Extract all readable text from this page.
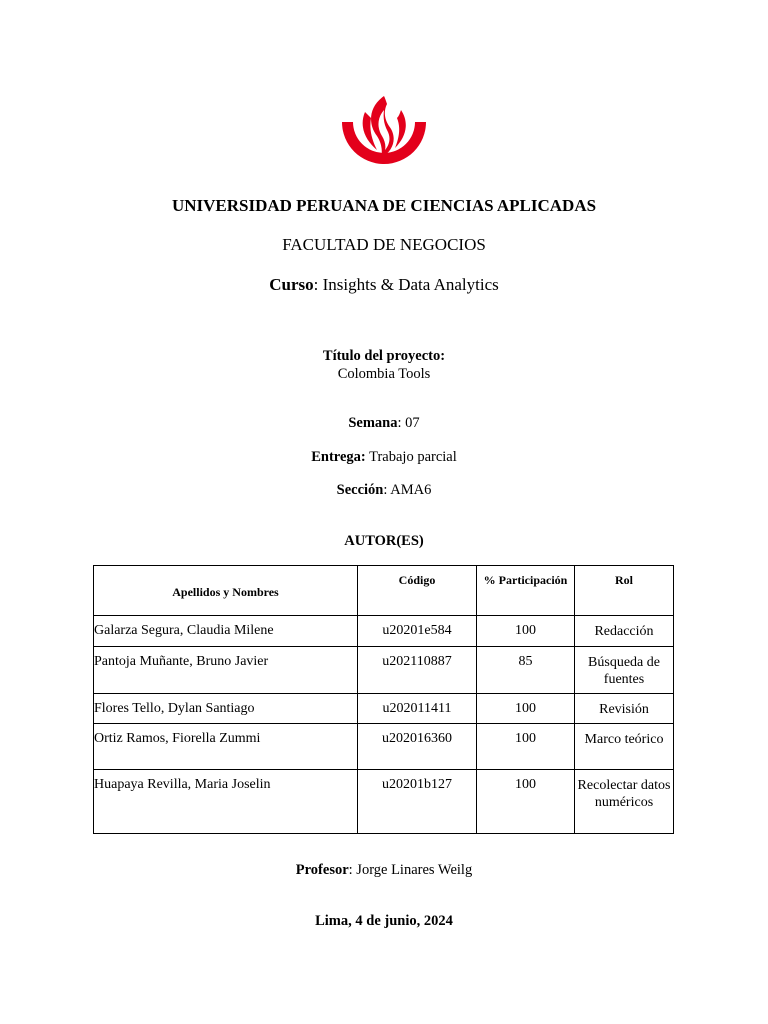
UNIVERSIDAD PERUANA DE CIENCIAS APLICADAS
FACULTAD DE NEGOCIOS
Curso: Insights & Data Analytics
Título del proyecto:
Colombia Tools
Semana: 07
Entrega: Trabajo parcial
Sección: AMA6
AUTOR(ES)
Apellidos y Nombres	Código	% Participación	Rol
Galarza Segura, Claudia Milene	u20201e584	100	Redacción
Pantoja Muñante, Bruno Javier	u202110887	85	Búsqueda de fuentes
Flores Tello, Dylan Santiago	u202011411	100	Revisión
Ortiz Ramos, Fiorella Zummi	u202016360	100	Marco teórico
Huapaya Revilla, Maria Joselin	u20201b127	100	Recolectar datos numéricos
Profesor: Jorge Linares Weilg
Lima, 4 de junio, 2024
